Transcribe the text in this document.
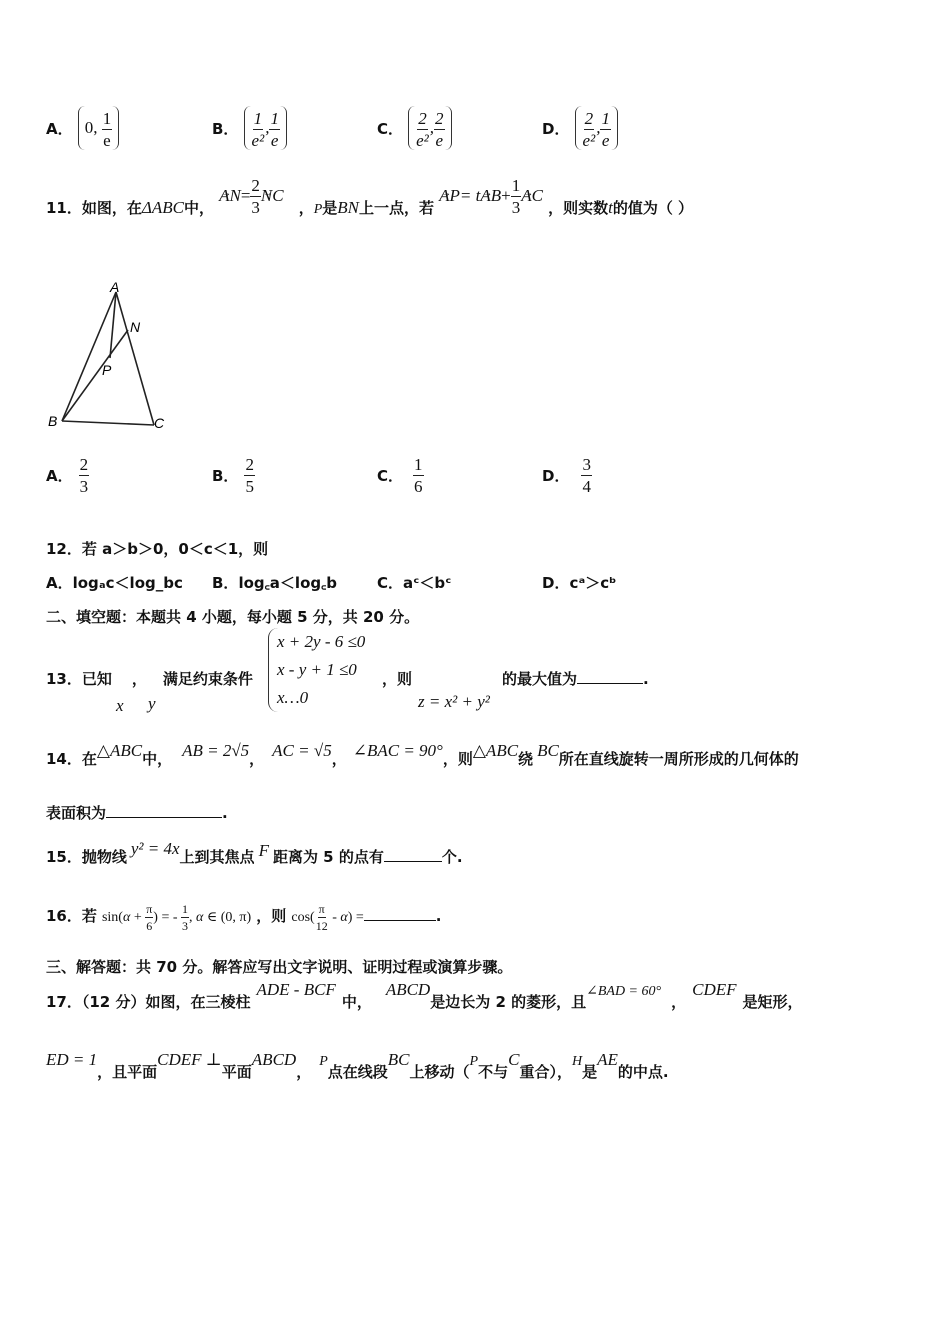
A． 0, $\frac{1}{e}$	B． $\frac{1}{\text{e²}}$ , $\frac{1}{e}$	C． $\frac{2}{\text{e²}}$ , $\frac{2}{e}$	D． $\frac{2}{\text{e²}}$ , $\frac{1}{e}$
11．如图，在ΔABC中， → $AN= \frac{2}{3}$ → NC ，P是BN上一点，若 → $AP= t\to AB+ \frac{1}{3}$ → AC ，则实数t的值为（ ）
A
N
P
B	C
A． $\frac{2}{3}$	B． $\frac{2}{5}$	C． $\frac{1}{6}$	D． $\frac{3}{4}$
12．若 a＞b＞0，0＜c＜1，则
A．logₐc＜log_bc B．log꜀a＜log꜀b	C．aᶜ＜bᶜ	D．cᵃ＞cᵇ
二、填空题：本题共 4 小题，每小题 5 分，共 20 分。
13．已知 ， 满足约束条件
x y
x + 2y - 6 ≤0
x - y + 1 ≤0
x…0
，则
z = x² + y²
的最大值为	.
14．在△ABC中， AB = 2√5， AC = √5， ∠BAC = 90°，则△ABC绕 BC所在直线旋转一周所形成的几何体的
表面积为	.
15．抛物线 y² = 4x上到其焦点 F 距离为 5 的点有	个.
16．若 $\sin(\alpha + \frac{\pi}{6}$ ) = - $\frac{1}{3}$ , α ∈ (0, π) ，则 $\cos( \frac{\pi}{12} - \alpha)$ =	.
三、解答题：共 70 分。解答应写出文字说明、证明过程或演算步骤。
17．（12 分）如图，在三棱柱ADE - BCF中，ABCD是边长为 2 的菱形，且∠BAD = 60°，CDEF是矩形，
ED = 1，且平面CDEF ⊥平面ABCD，P点在线段BC上移动（P不与C重合），H是AE的中点.
